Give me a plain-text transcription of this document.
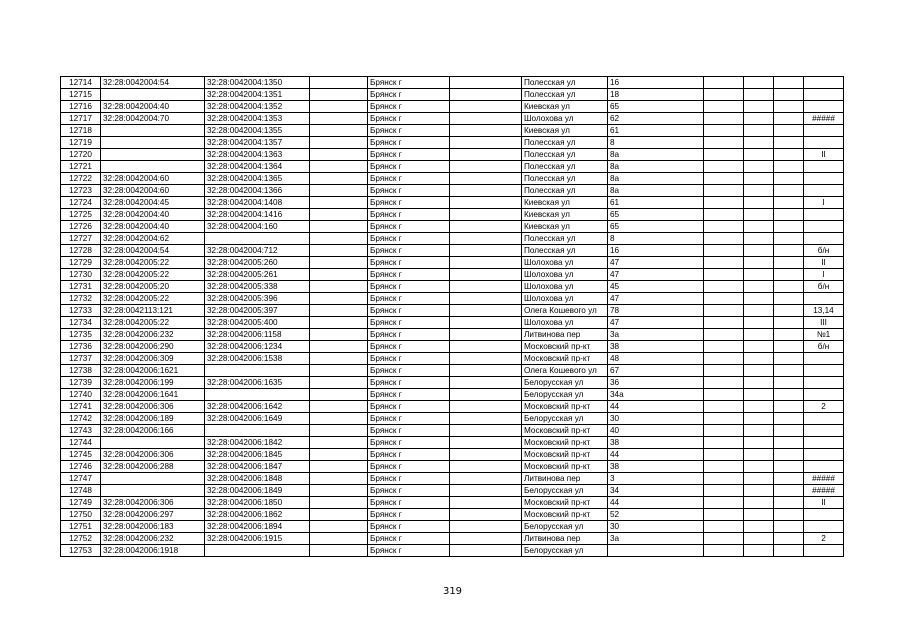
12714	32:28:0042004:54	32:28:0042004:1350		Брянск г		Полесская ул	16				
12715		32:28:0042004:1351		Брянск г		Полесская ул	18				
12716	32:28:0042004:40	32:28:0042004:1352		Брянск г		Киевская ул	65				
12717	32:28:0042004:70	32:28:0042004:1353		Брянск г		Шолохова ул	62				#####
12718		32:28:0042004:1355		Брянск г		Киевская ул	61				
12719		32:28:0042004:1357		Брянск г		Полесская ул	8				
12720		32:28:0042004:1363		Брянск г		Полесская ул	8а				II
12721		32:28:0042004:1364		Брянск г		Полесская ул	8а				
12722	32:28:0042004:60	32:28:0042004:1365		Брянск г		Полесская ул	8а				
12723	32:28:0042004:60	32:28:0042004:1366		Брянск г		Полесская ул	8а				
12724	32:28:0042004:45	32:28:0042004:1408		Брянск г		Киевская ул	61				I
12725	32:28:0042004:40	32:28:0042004:1416		Брянск г		Киевская ул	65				
12726	32:28:0042004:40	32:28:0042004:160		Брянск г		Киевская ул	65				
12727	32:28:0042004:62			Брянск г		Полесская ул	8				
12728	32:28:0042004:54	32:28:0042004:712		Брянск г		Полесская ул	16				б/н
12729	32:28:0042005:22	32:28:0042005:260		Брянск г		Шолохова ул	47				II
12730	32:28:0042005:22	32:28:0042005:261		Брянск г		Шолохова ул	47				I
12731	32:28:0042005:20	32:28:0042005:338		Брянск г		Шолохова ул	45				б/н
12732	32:28:0042005:22	32:28:0042005:396		Брянск г		Шолохова ул	47				
12733	32:28:0042113:121	32:28:0042005:397		Брянск г		Олега Кошевого ул	78				13,14
12734	32:28:0042005:22	32:28:0042005:400		Брянск г		Шолохова ул	47				III
12735	32:28:0042006:232	32:28:0042006:1158		Брянск г		Литвинова пер	3а				№1
12736	32:28:0042006:290	32:28:0042006:1234		Брянск г		Московский пр-кт	38				б/н
12737	32:28:0042006:309	32:28:0042006:1538		Брянск г		Московский пр-кт	48				
12738	32:28:0042006:1621			Брянск г		Олега Кошевого ул	67				
12739	32:28:0042006:199	32:28:0042006:1635		Брянск г		Белорусская ул	36				
12740	32:28:0042006:1641			Брянск г		Белорусская ул	34а				
12741	32:28:0042006:306	32:28:0042006:1642		Брянск г		Московский пр-кт	44				2
12742	32:28:0042006:189	32:28:0042006:1649		Брянск г		Белорусская ул	30				
12743	32:28:0042006:166			Брянск г		Московский пр-кт	40				
12744		32:28:0042006:1842		Брянск г		Московский пр-кт	38				
12745	32:28:0042006:306	32:28:0042006:1845		Брянск г		Московский пр-кт	44				
12746	32:28:0042006:288	32:28:0042006:1847		Брянск г		Московский пр-кт	38				
12747		32:28:0042006:1848		Брянск г		Литвинова пер	3				#####
12748		32:28:0042006:1849		Брянск г		Белорусская ул	34				#####
12749	32:28:0042006:306	32:28:0042006:1850		Брянск г		Московский пр-кт	44				II
12750	32:28:0042006:297	32:28:0042006:1862		Брянск г		Московский пр-кт	52				
12751	32:28:0042006:183	32:28:0042006:1894		Брянск г		Белорусская ул	30				
12752	32:28:0042006:232	32:28:0042006:1915		Брянск г		Литвинова пер	3а				2
12753	32:28:0042006:1918			Брянск г		Белорусская ул					
319
